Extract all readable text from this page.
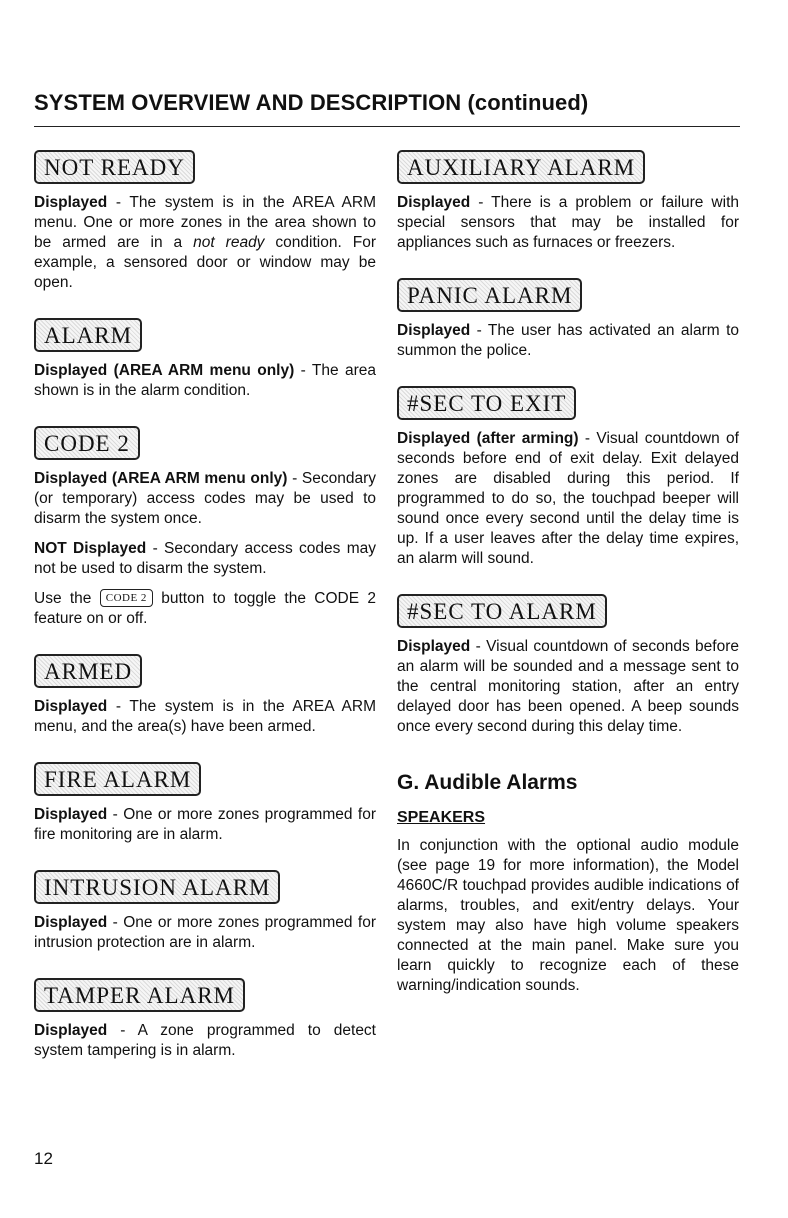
SYSTEM OVERVIEW AND DESCRIPTION (continued)
NOT READY

Displayed - The system is in the AREA ARM menu. One or more zones in the area shown to be armed are in a not ready condition. For example, a sensored door or window may be open.

ALARM

Displayed (AREA ARM menu only) - The area shown is in the alarm condition.

CODE 2

Displayed (AREA ARM menu only) - Secondary (or temporary) access codes may be used to disarm the system once.

NOT Displayed - Secondary access codes may not be used to disarm the system.

Use the CODE 2 button to toggle the CODE 2 feature on or off.

ARMED

Displayed - The system is in the AREA ARM menu, and the area(s) have been armed.

FIRE ALARM

Displayed - One or more zones programmed for fire monitoring are in alarm.

INTRUSION ALARM

Displayed - One or more zones programmed for intrusion protection are in alarm.

TAMPER ALARM

Displayed - A zone programmed to detect system tampering is in alarm.

AUXILIARY ALARM

Displayed - There is a problem or failure with special sensors that may be installed for appliances such as furnaces or freezers.

PANIC ALARM

Displayed - The user has activated an alarm to summon the police.

#SEC TO EXIT

Displayed (after arming) - Visual countdown of seconds before end of exit delay. Exit delayed zones are disabled during this period. If programmed to do so, the touchpad beeper will sound once every second until the delay time is up. If a user leaves after the delay time expires, an alarm will sound.

#SEC TO ALARM

Displayed - Visual countdown of seconds before an alarm will be sounded and a message sent to the central monitoring station, after an entry delayed door has been opened. A beep sounds once every second during this delay time.

G. Audible Alarms
SPEAKERS

In conjunction with the optional audio module (see page 19 for more information), the Model 4660C/R touchpad provides audible indications of alarms, troubles, and exit/entry delays. Your system may also have high volume speakers connected at the main panel. Make sure you learn quickly to recognize each of these warning/indication sounds.

12
